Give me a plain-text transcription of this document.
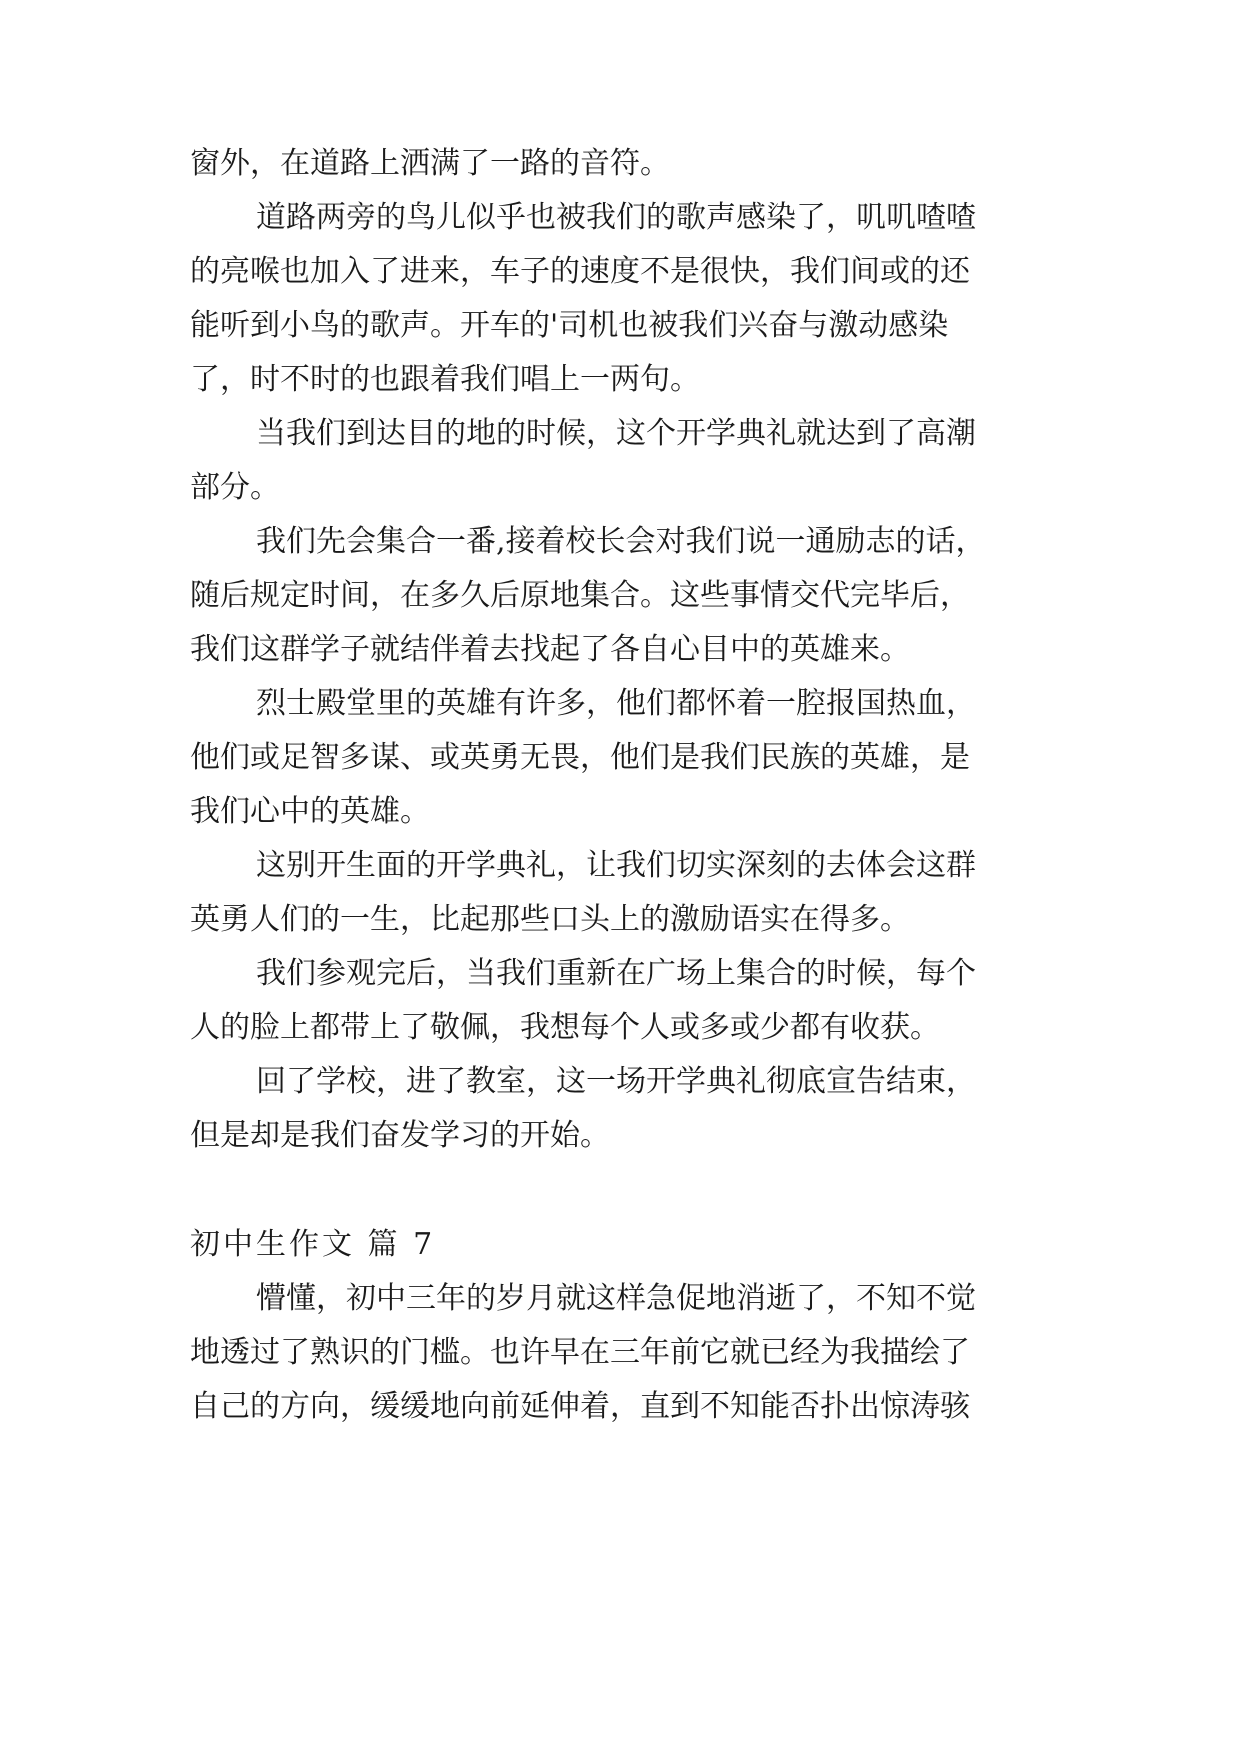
窗外，在道路上洒满了一路的音符。
道路两旁的鸟儿似乎也被我们的歌声感染了，叽叽喳喳
的亮喉也加入了进来，车子的速度不是很快，我们间或的还
能听到小鸟的歌声。开车的'司机也被我们兴奋与激动感染
了，时不时的也跟着我们唱上一两句。
当我们到达目的地的时候，这个开学典礼就达到了高潮
部分。
我们先会集合一番,接着校长会对我们说一通励志的话，
随后规定时间，在多久后原地集合。这些事情交代完毕后，
我们这群学子就结伴着去找起了各自心目中的英雄来。
烈士殿堂里的英雄有许多，他们都怀着一腔报国热血，
他们或足智多谋、或英勇无畏，他们是我们民族的英雄，是
我们心中的英雄。
这别开生面的开学典礼，让我们切实深刻的去体会这群
英勇人们的一生，比起那些口头上的激励语实在得多。
我们参观完后，当我们重新在广场上集合的时候，每个
人的脸上都带上了敬佩，我想每个人或多或少都有收获。
回了学校，进了教室，这一场开学典礼彻底宣告结束，
但是却是我们奋发学习的开始。
初中生作文 篇 7
懵懂，初中三年的岁月就这样急促地消逝了，不知不觉
地透过了熟识的门槛。也许早在三年前它就已经为我描绘了
自己的方向，缓缓地向前延伸着，直到不知能否扑出惊涛骇
